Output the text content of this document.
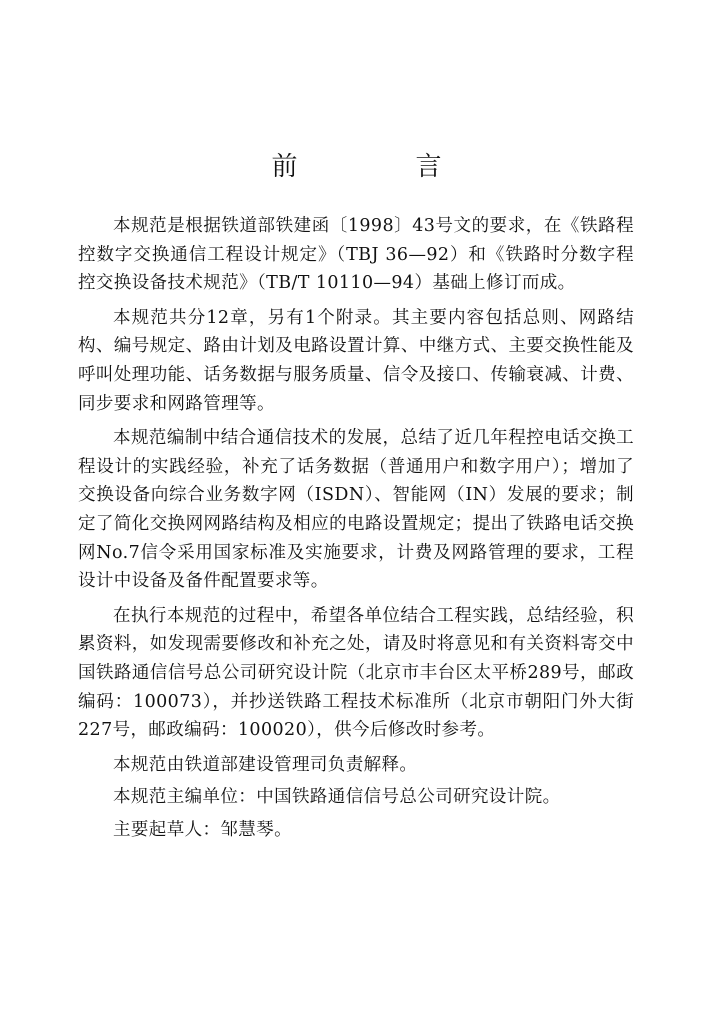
前　言

本规范是根据铁道部铁建函〔1998〕43号文的要求，在《铁路程控数字交换通信工程设计规定》（TBJ 36—92）和《铁路时分数字程控交换设备技术规范》（TB/T 10110—94）基础上修订而成。

本规范共分12章，另有1个附录。其主要内容包括总则、网路结构、编号规定、路由计划及电路设置计算、中继方式、主要交换性能及呼叫处理功能、话务数据与服务质量、信令及接口、传输衰减、计费、同步要求和网路管理等。

本规范编制中结合通信技术的发展，总结了近几年程控电话交换工程设计的实践经验，补充了话务数据（普通用户和数字用户）；增加了交换设备向综合业务数字网（ISDN）、智能网（IN）发展的要求；制定了简化交换网网路结构及相应的电路设置规定；提出了铁路电话交换网No.7信令采用国家标准及实施要求，计费及网路管理的要求，工程设计中设备及备件配置要求等。

在执行本规范的过程中，希望各单位结合工程实践，总结经验，积累资料，如发现需要修改和补充之处，请及时将意见和有关资料寄交中国铁路通信信号总公司研究设计院（北京市丰台区太平桥289号，邮政编码：100073），并抄送铁路工程技术标准所（北京市朝阳门外大街227号，邮政编码：100020），供今后修改时参考。

本规范由铁道部建设管理司负责解释。

本规范主编单位：中国铁路通信信号总公司研究设计院。

主要起草人：邹慧琴。
